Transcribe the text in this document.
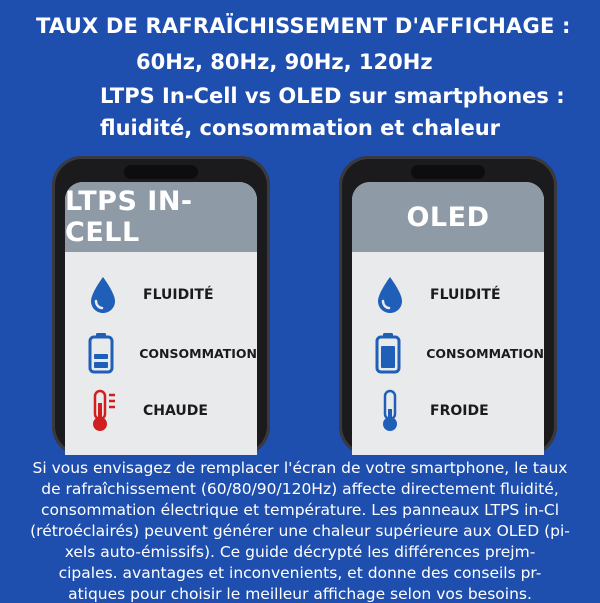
TAUX DE RAFRAÏCHISSEMENT D'AFFICHAGE :
60Hz, 80Hz, 90Hz, 120Hz
LTPS In-Cell vs OLED sur smartphones :
fluidité, consommation et chaleur
LTPS IN-CELL
FLUIDITÉ
CONSOMMATION
CHAUDE
OLED
FLUIDITÉ
CONSOMMATION
FROIDE
Si vous envisagez de remplacer l'écran de votre smartphone, le taux
de rafraîchissement (60/80/90/120Hz) affecte directement fluidité,
consommation électrique et température. Les panneaux LTPS in-Cl
(rétroéclairés) peuvent générer une chaleur supérieure aux OLED (pi-
xels auto-émissifs). Ce guide décrypté les différences prejm-
cipales. avantages et inconvenients, et donne des conseils pr-
atiques pour choisir le meilleur affichage selon vos besoins.
